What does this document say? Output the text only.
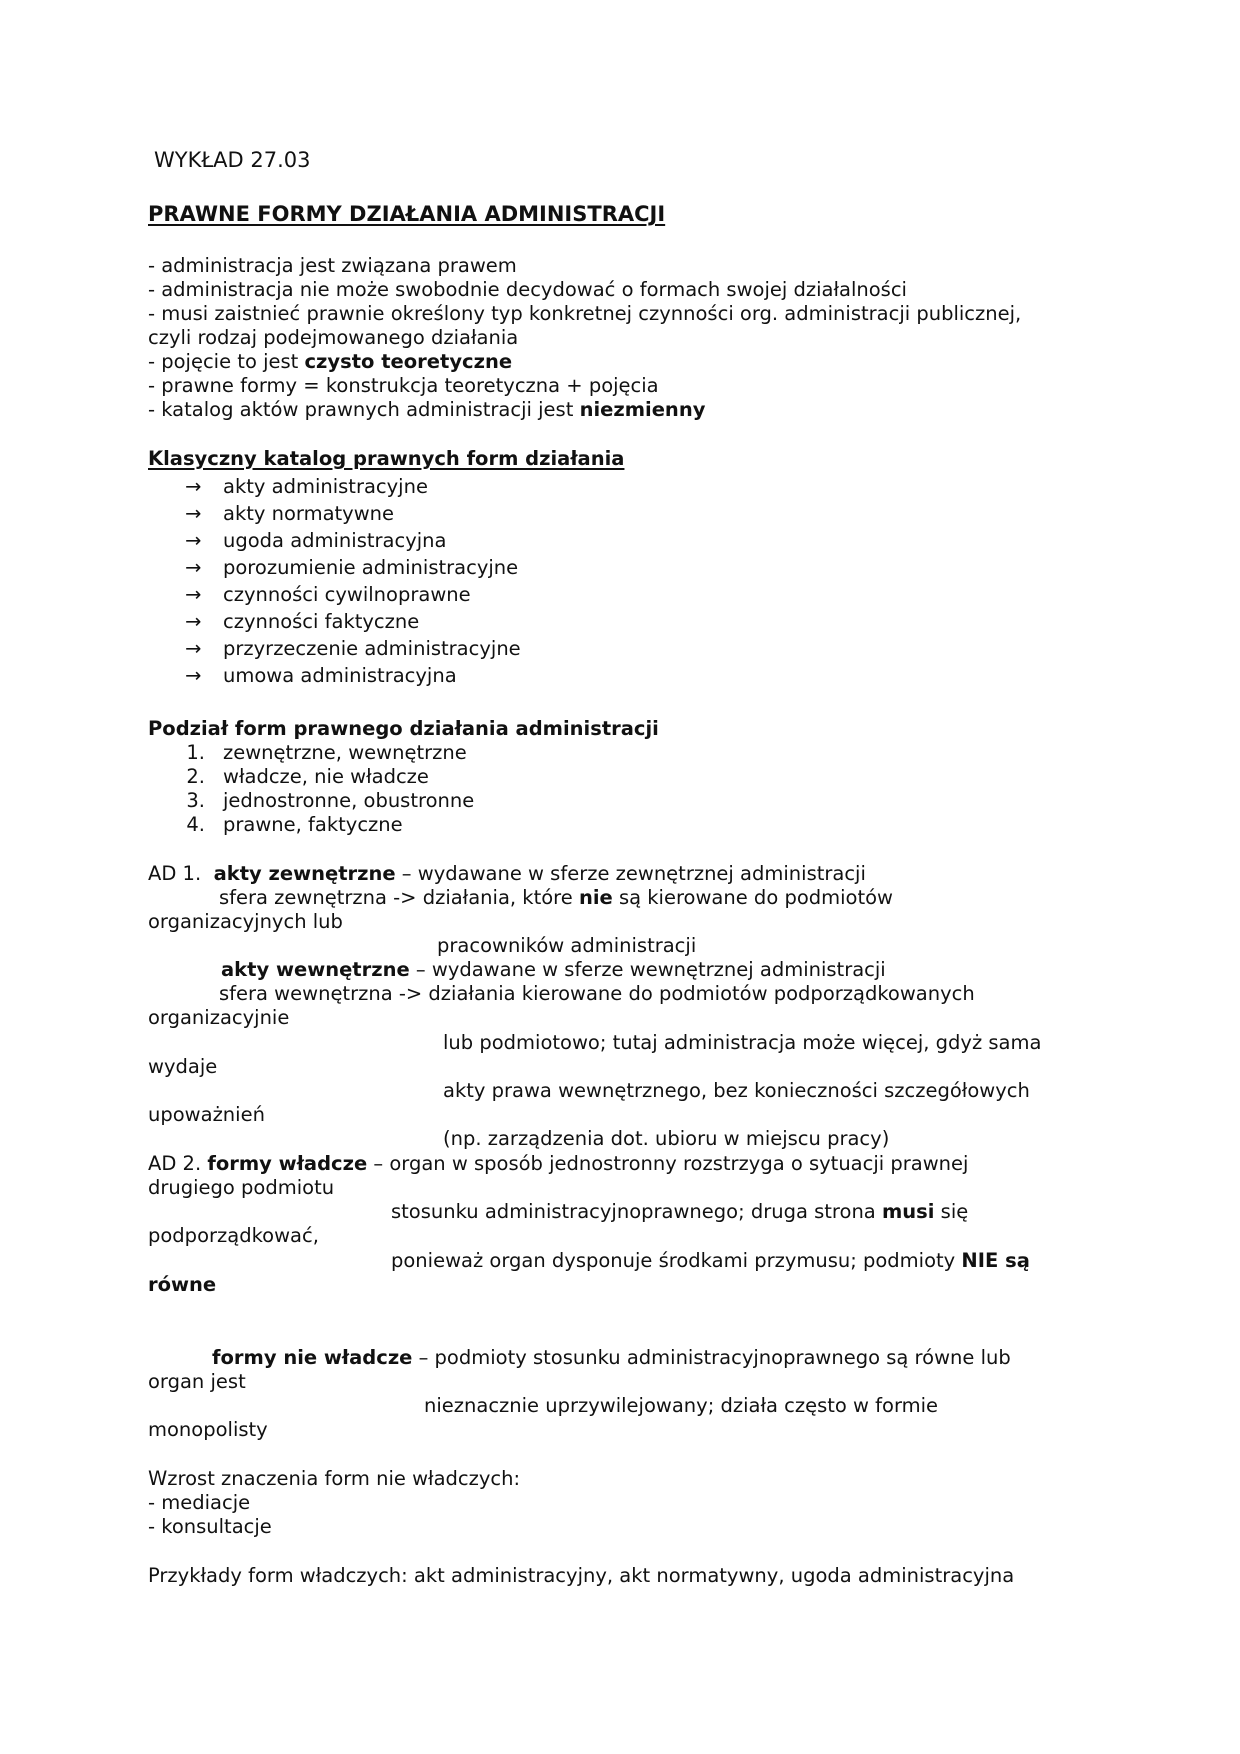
WYKŁAD 27.03

PRAWNE FORMY DZIAŁANIA ADMINISTRACJI

- administracja jest związana prawem

- administracja nie może swobodnie decydować o formach swojej działalności

- musi zaistnieć prawnie określony typ konkretnej czynności org. administracji publicznej,

czyli rodzaj podejmowanego działania

- pojęcie to jest czysto teoretyczne

- prawne formy = konstrukcja teoretyczna + pojęcia

- katalog aktów prawnych administracji jest niezmienny

Klasyczny katalog prawnych form działania

→ akty administracyjne
→ akty normatywne
→ ugoda administracyjna
→ porozumienie administracyjne
→ czynności cywilnoprawne
→ czynności faktyczne
→ przyrzeczenie administracyjne
→ umowa administracyjna

Podział form prawnego działania administracji

1. zewnętrzne, wewnętrzne
2. władcze, nie władcze
3. jednostronne, obustronne
4. prawne, faktyczne

AD 1.  akty zewnętrzne – wydawane w sferze zewnętrznej administracji

sfera zewnętrzna -> działania, które nie są kierowane do podmiotów

organizacyjnych lub

pracowników administracji

akty wewnętrzne – wydawane w sferze wewnętrznej administracji

sfera wewnętrzna -> działania kierowane do podmiotów podporządkowanych

organizacyjnie

lub podmiotowo; tutaj administracja może więcej, gdyż sama

wydaje

akty prawa wewnętrznego, bez konieczności szczegółowych

upoważnień

(np. zarządzenia dot. ubioru w miejscu pracy)

AD 2. formy władcze – organ w sposób jednostronny rozstrzyga o sytuacji prawnej

drugiego podmiotu

stosunku administracyjnoprawnego; druga strona musi się

podporządkować,

ponieważ organ dysponuje środkami przymusu; podmioty NIE są

równe

formy nie władcze – podmioty stosunku administracyjnoprawnego są równe lub

organ jest

nieznacznie uprzywilejowany; działa często w formie

monopolisty

Wzrost znaczenia form nie władczych:

- mediacje

- konsultacje

Przykłady form władczych: akt administracyjny, akt normatywny, ugoda administracyjna
